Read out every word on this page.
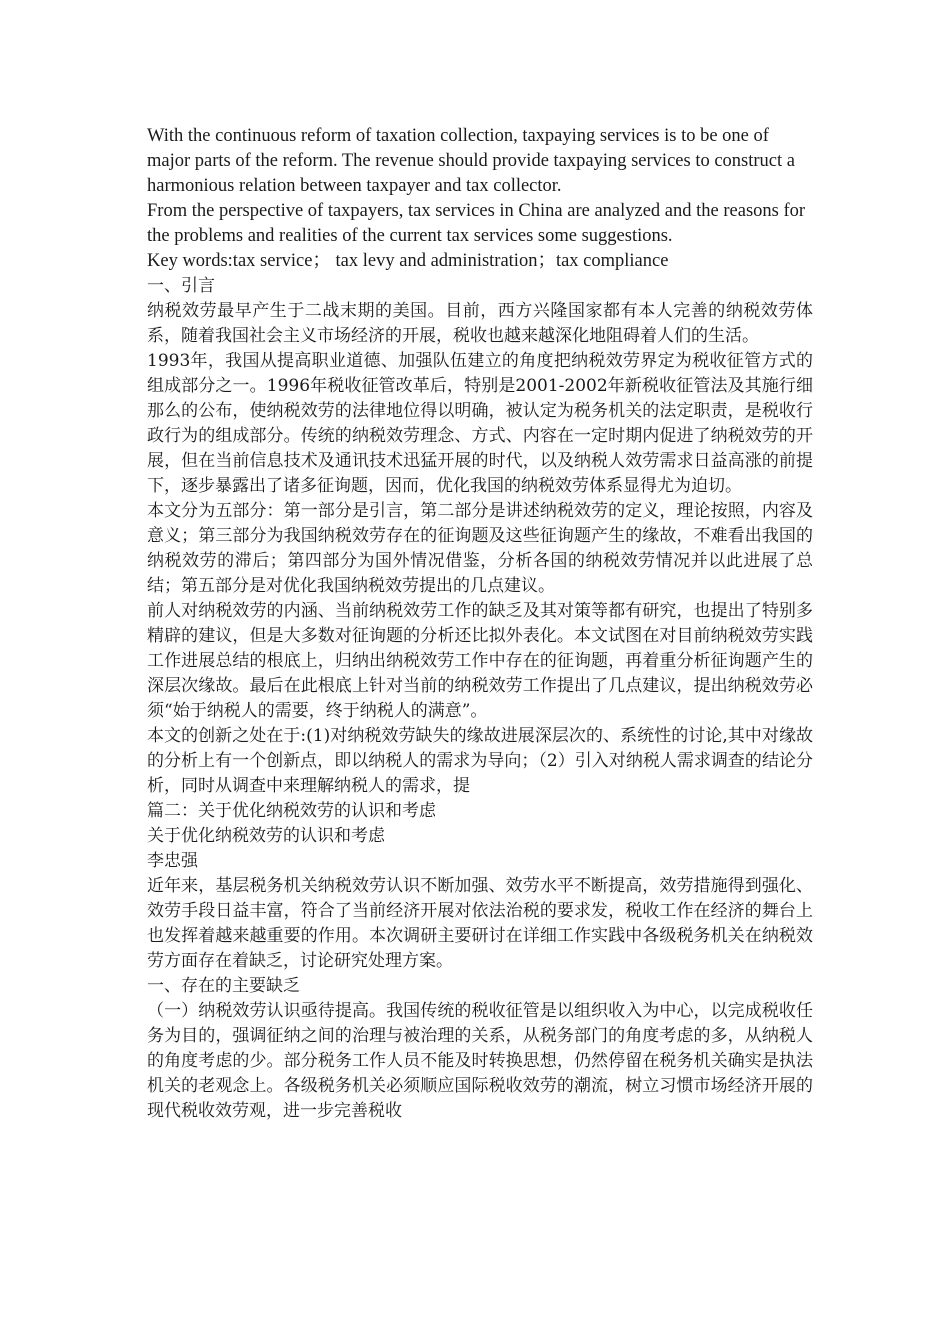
With the continuous reform of taxation collection, taxpaying services is to be one of major parts of the reform. The revenue should provide taxpaying services to construct a harmonious relation between taxpayer and tax collector.

From the perspective of taxpayers, tax services in China are analyzed and the reasons for the problems and realities of the current tax services some suggestions.

Key words:tax service； tax levy and administration；tax compliance

一、引言

纳税效劳最早产生于二战末期的美国。目前，西方兴隆国家都有本人完善的纳税效劳体系，随着我国社会主义市场经济的开展，税收也越来越深化地阻碍着人们的生活。

1993年，我国从提高职业道德、加强队伍建立的角度把纳税效劳界定为税收征管方式的组成部分之一。1996年税收征管改革后，特别是2001-2002年新税收征管法及其施行细那么的公布，使纳税效劳的法律地位得以明确，被认定为税务机关的法定职责，是税收行政行为的组成部分。传统的纳税效劳理念、方式、内容在一定时期内促进了纳税效劳的开展，但在当前信息技术及通讯技术迅猛开展的时代，以及纳税人效劳需求日益高涨的前提下，逐步暴露出了诸多征询题，因而，优化我国的纳税效劳体系显得尤为迫切。

本文分为五部分：第一部分是引言，第二部分是讲述纳税效劳的定义，理论按照，内容及意义；第三部分为我国纳税效劳存在的征询题及这些征询题产生的缘故，不难看出我国的纳税效劳的滞后；第四部分为国外情况借鉴，分析各国的纳税效劳情况并以此进展了总结；第五部分是对优化我国纳税效劳提出的几点建议。

前人对纳税效劳的内涵、当前纳税效劳工作的缺乏及其对策等都有研究，也提出了特别多精辟的建议，但是大多数对征询题的分析还比拟外表化。本文试图在对目前纳税效劳实践工作进展总结的根底上，归纳出纳税效劳工作中存在的征询题，再着重分析征询题产生的深层次缘故。最后在此根底上针对当前的纳税效劳工作提出了几点建议，提出纳税效劳必须“始于纳税人的需要，终于纳税人的满意”。

本文的创新之处在于:(1)对纳税效劳缺失的缘故进展深层次的、系统性的讨论,其中对缘故的分析上有一个创新点，即以纳税人的需求为导向；（2）引入对纳税人需求调查的结论分析，同时从调查中来理解纳税人的需求，提

篇二：关于优化纳税效劳的认识和考虑

关于优化纳税效劳的认识和考虑

李忠强

近年来，基层税务机关纳税效劳认识不断加强、效劳水平不断提高，效劳措施得到强化、效劳手段日益丰富，符合了当前经济开展对依法治税的要求发，税收工作在经济的舞台上也发挥着越来越重要的作用。本次调研主要研讨在详细工作实践中各级税务机关在纳税效劳方面存在着缺乏，讨论研究处理方案。

一、存在的主要缺乏

（一）纳税效劳认识亟待提高。我国传统的税收征管是以组织收入为中心，以完成税收任务为目的，强调征纳之间的治理与被治理的关系，从税务部门的角度考虑的多，从纳税人的角度考虑的少。部分税务工作人员不能及时转换思想，仍然停留在税务机关确实是执法机关的老观念上。各级税务机关必须顺应国际税收效劳的潮流，树立习惯市场经济开展的现代税收效劳观，进一步完善税收
